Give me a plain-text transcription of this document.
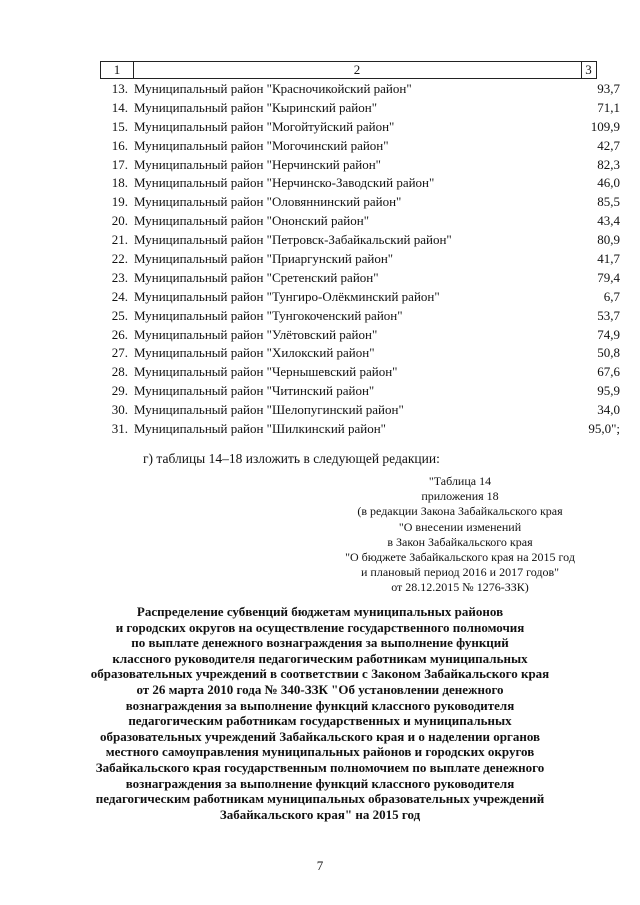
1	2	3
13. Муниципальный район "Красночикойский район"	93,7
14. Муниципальный район "Кыринский район"	71,1
15. Муниципальный район "Могойтуйский район"	109,9
16. Муниципальный район "Могочинский район"	42,7
17. Муниципальный район "Нерчинский район"	82,3
18. Муниципальный район "Нерчинско-Заводский район"	46,0
19. Муниципальный район "Оловяннинский район"	85,5
20. Муниципальный район "Ононский район"	43,4
21. Муниципальный район "Петровск-Забайкальский район"	80,9
22. Муниципальный район "Приаргунский район"	41,7
23. Муниципальный район "Сретенский район"	79,4
24. Муниципальный район "Тунгиро-Олёкминский район"	6,7
25. Муниципальный район "Тунгокоченский район"	53,7
26. Муниципальный район "Улётовский район"	74,9
27. Муниципальный район "Хилокский район"	50,8
28. Муниципальный район "Чернышевский район"	67,6
29. Муниципальный район "Читинский район"	95,9
30. Муниципальный район "Шелопугинский район"	34,0
31. Муниципальный район "Шилкинский район"	95,0";
г) таблицы 14–18 изложить в следующей редакции:
"Таблица 14
приложения 18
(в редакции Закона Забайкальского края
"О внесении изменений
в Закон Забайкальского края
"О бюджете Забайкальского края на 2015 год
и плановый период 2016 и 2017 годов"
от 28.12.2015 № 1276-ЗЗК)
Распределение субвенций бюджетам муниципальных районов
и городских округов на осуществление государственного полномочия
по выплате денежного вознаграждения за выполнение функций
классного руководителя педагогическим работникам муниципальных
образовательных учреждений в соответствии с Законом Забайкальского края
от 26 марта 2010 года № 340-ЗЗК "Об установлении денежного
вознаграждения за выполнение функций классного руководителя
педагогическим работникам государственных и муниципальных
образовательных учреждений Забайкальского края и о наделении органов
местного самоуправления муниципальных районов и городских округов
Забайкальского края государственным полномочием по выплате денежного
вознаграждения за выполнение функций классного руководителя
педагогическим работникам муниципальных образовательных учреждений
Забайкальского края" на 2015 год
7
